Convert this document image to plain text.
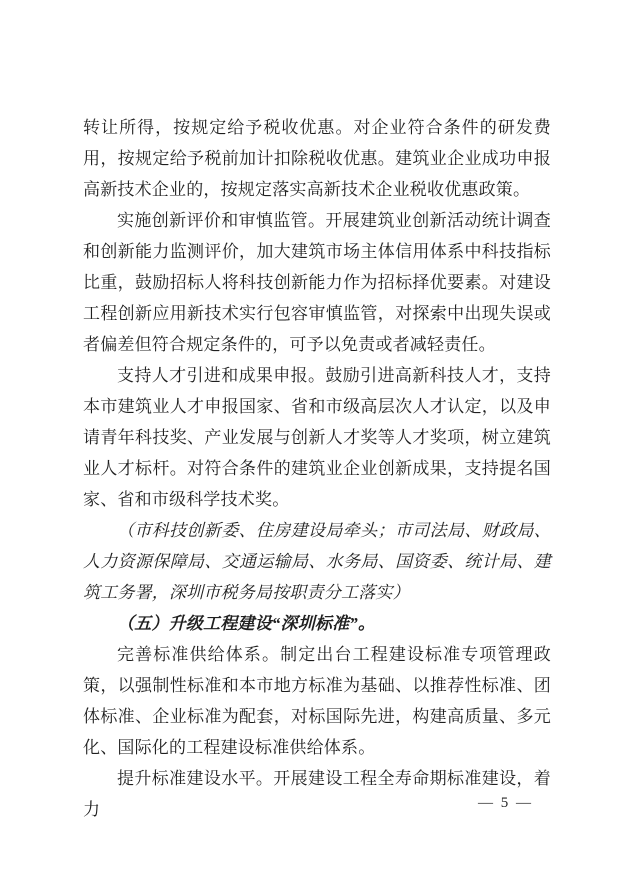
转让所得，按规定给予税收优惠。对企业符合条件的研发费用，按规定给予税前加计扣除税收优惠。建筑业企业成功申报高新技术企业的，按规定落实高新技术企业税收优惠政策。

实施创新评价和审慎监管。开展建筑业创新活动统计调查和创新能力监测评价，加大建筑市场主体信用体系中科技指标比重，鼓励招标人将科技创新能力作为招标择优要素。对建设工程创新应用新技术实行包容审慎监管，对探索中出现失误或者偏差但符合规定条件的，可予以免责或者减轻责任。

支持人才引进和成果申报。鼓励引进高新科技人才，支持本市建筑业人才申报国家、省和市级高层次人才认定，以及申请青年科技奖、产业发展与创新人才奖等人才奖项，树立建筑业人才标杆。对符合条件的建筑业企业创新成果，支持提名国家、省和市级科学技术奖。

（市科技创新委、住房建设局牵头；市司法局、财政局、人力资源保障局、交通运输局、水务局、国资委、统计局、建筑工务署，深圳市税务局按职责分工落实）

（五）升级工程建设“深圳标准”。

完善标准供给体系。制定出台工程建设标准专项管理政策，以强制性标准和本市地方标准为基础、以推荐性标准、团体标准、企业标准为配套，对标国际先进，构建高质量、多元化、国际化的工程建设标准供给体系。

提升标准建设水平。开展建设工程全寿命期标准建设，着力	— 5 —
